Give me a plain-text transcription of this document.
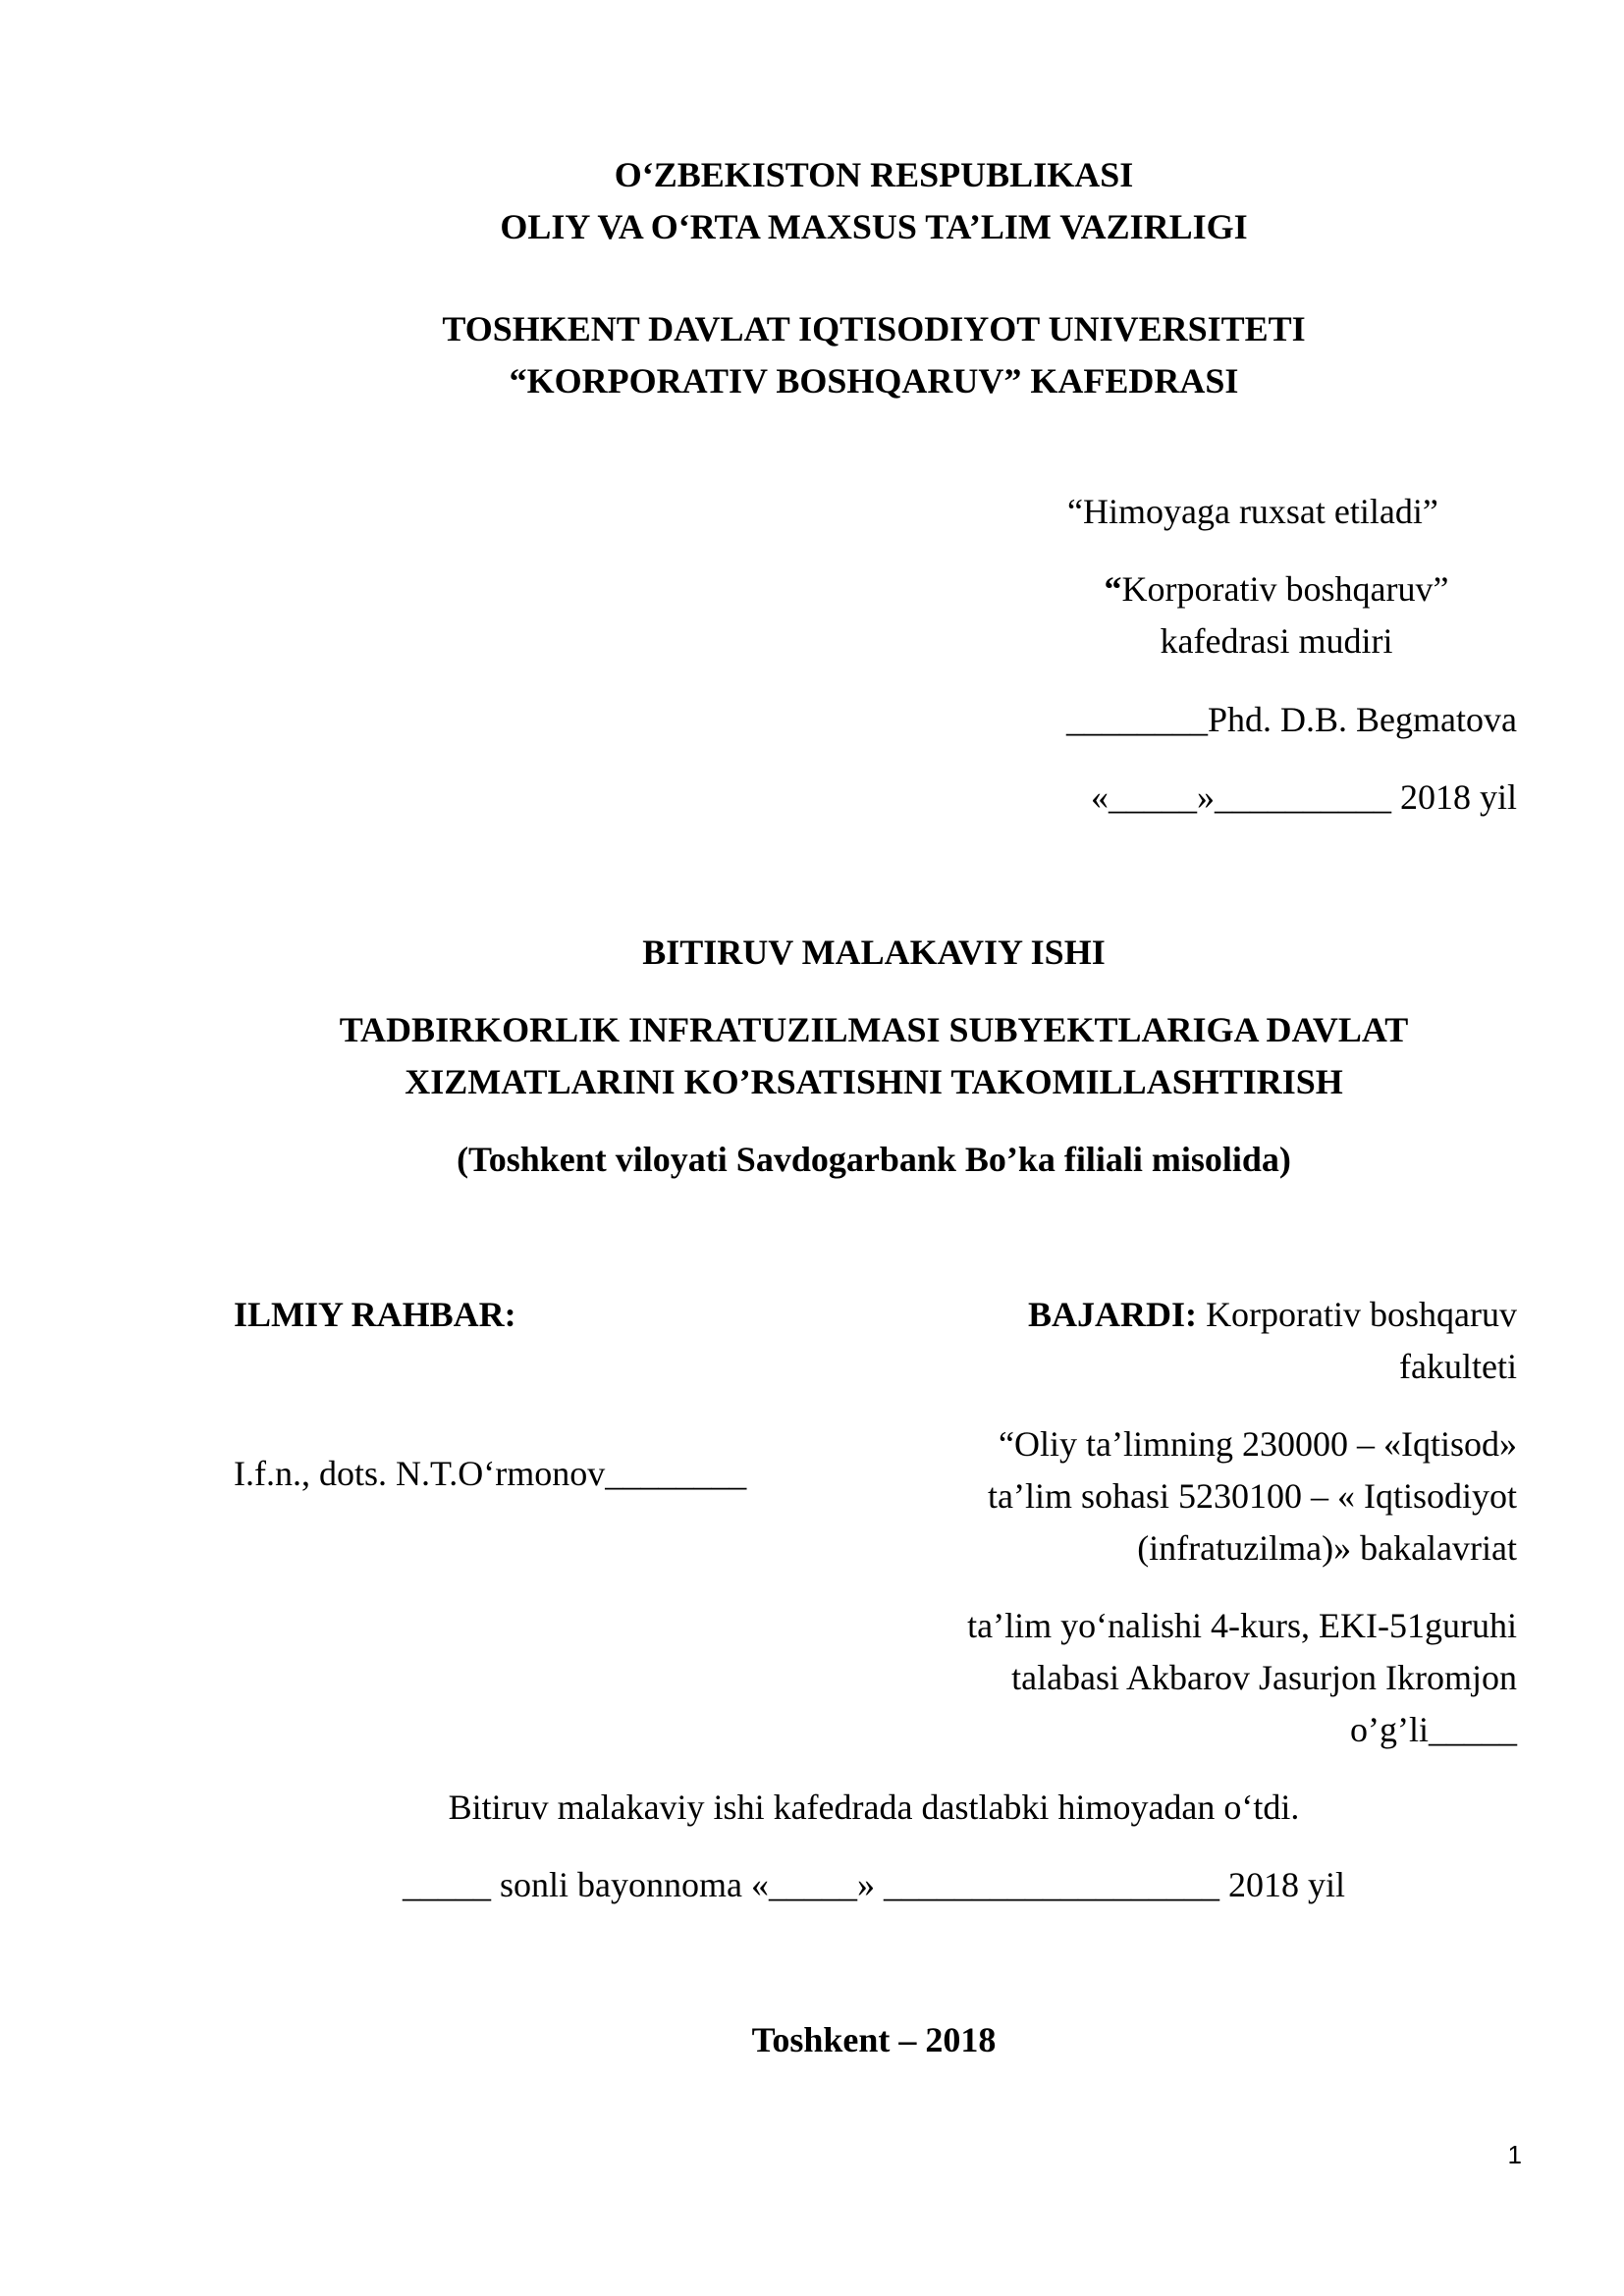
O‘ZBEKISTON RESPUBLIKASI
OLIY VA O‘RTA MAXSUS TA’LIM VAZIRLIGI
TOSHKENT DAVLAT IQTISODIYOT UNIVERSITETI
“KORPORATIV BOSHQARUV” KAFEDRASI
“Himoyaga ruxsat etiladi”
“Korporativ boshqaruv”
kafedrasi mudiri
________Phd. D.B. Begmatova
«_____»__________ 2018 yil
BITIRUV MALAKAVIY ISHI
TADBIRKORLIK INFRATUZILMASI SUBYEKTLARIGA DAVLAT
XIZMATLARINI KO’RSATISHNI TAKOMILLASHTIRISH
(Toshkent viloyati Savdogarbank Bo’ka filiali misolida)
ILMIY RAHBAR:
I.f.n., dots. N.T.O‘rmonov________
BAJARDI: Korporativ boshqaruv
fakulteti
“Oliy ta’limning 230000 – «Iqtisod»
ta’lim sohasi 5230100 – « Iqtisodiyot
(infratuzilma)» bakalavriat
ta’lim yo‘nalishi 4-kurs, EKI-51guruhi
talabasi Akbarov Jasurjon Ikromjon
o’g’li_____
Bitiruv malakaviy ishi kafedrada dastlabki himoyadan o‘tdi.
_____ sonli bayonnoma «_____» ___________________ 2018 yil
Toshkent – 2018
1
